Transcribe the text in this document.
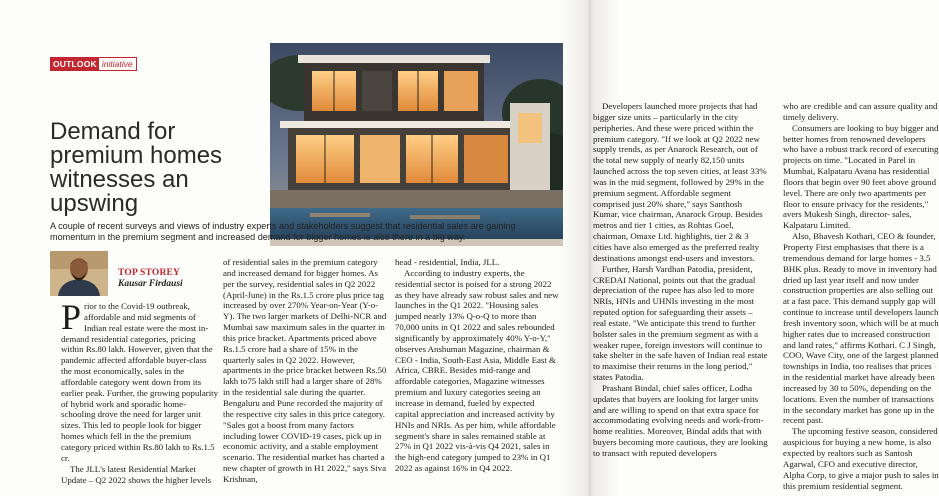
OUTLOOK initiative
Demand for premium homes witnesses an upswing

A couple of recent surveys and views of industry experts and stakeholders suggest that residential sales are gaining momentum in the premium segment and increased demand for bigger homes is also there in a big way.

TOP STOREY
Kausar Firdausi

Prior to the Covid-19 outbreak, affordable and mid segments of Indian real estate were the most in-demand residential categories, pricing within Rs.80 lakh. However, given that the pandemic affected affordable buyer-class the most economically, sales in the affordable category went down from its earlier peak. Further, the growing popularity of hybrid work and sporadic home-schooling drove the need for larger unit sizes. This led to people look for bigger homes which fell in the the premium category priced within Rs.80 lakh to Rs.1.5 cr.

The JLL's latest Residential Market Update – Q2 2022 shows the higher levels

of residential sales in the premium category and increased demand for bigger homes. As per the survey, residential sales in Q2 2022 (April-June) in the Rs.1.5 crore plus price tag increased by over 270% Year-on-Year (Y-o-Y). The two larger markets of Delhi-NCR and Mumbai saw maximum sales in the quarter in this price bracket. Apartments priced above Rs.1.5 crore had a share of 15% in the quarterly sales in Q2 2022. However, apartments in the price bracket between Rs.50 lakh to75 lakh still had a larger share of 28% in the residential sale during the quarter. Bengaluru and Pune recorded the majority of the respective city sales in this price category. "Sales got a boost from many factors including lower COVID-19 cases, pick up in economic activity, and a stable employment scenario. The residential market has charted a new chapter of growth in H1 2022," says Siva Krishnan,

head - residential, India, JLL.

According to industry experts, the residential sector is poised for a strong 2022 as they have already saw robust sales and new launches in the Q1 2022. "Housing sales jumped nearly 13% Q-o-Q to more than 70,000 units in Q1 2022 and sales rebounded significantly by approximately 40% Y-o-Y," observes Anshuman Magazine, chairman & CEO - India, South-East Asia, Middle East & Africa, CBRE. Besides mid-range and affordable categories, Magazine witnesses premium and luxury categories seeing an increase in demand, fueled by expected capital appreciation and increased activity by HNIs and NRIs. As per him, while affordable segment's share in sales remained stable at 27% in Q1 2022 vis-à-vis Q4 2021, sales in the high-end category jumped to 23% in Q1 2022 as against 16% in Q4 2022.

Developers launched more projects that had bigger size units – particularly in the city peripheries. And these were priced within the premium category. "If we look at Q2 2022 new supply trends, as per Anarock Research, out of the total new supply of nearly 82,150 units launched across the top seven cities, at least 33% was in the mid segment, followed by 29% in the premium segment. Affordable segment comprised just 20% share," says Santhosh Kumar, vice chairman, Anarock Group. Besides metros and tier 1 cities, as Rohtas Goel, chairman, Omaxe Ltd. highlights, tier 2 & 3 cities have also emerged as the preferred realty destinations amongst end-users and investors.

Further, Harsh Vardhan Patodia, president, CREDAI National, points out that the gradual depreciation of the rupee has also led to more NRIs, HNIs and UHNIs investing in the most reputed option for safeguarding their assets – real estate. "We anticipate this trend to further bolster sales in the premium segment as with a weaker rupee, foreign investors will continue to take shelter in the safe haven of Indian real estate to maximise their returns in the long period," states Patodia.

Prashant Bindal, chief sales officer, Lodha updates that buyers are looking for larger units and are willing to spend on that extra space for accommodating evolving needs and work-from-home realities. Moreover, Bindal adds that with buyers becoming more cautious, they are looking to transact with reputed developers

who are credible and can assure quality and timely delivery.

Consumers are looking to buy bigger and better homes from renowned developers who have a robust track record of executing projects on time. "Located in Parel in Mumbai, Kalpataru Avana has residential floors that begin over 90 feet above ground level. There are only two apartments per floor to ensure privacy for the residents," avers Mukesh Singh, director- sales, Kalpataru Limited.

Also, Bhavesh Kothari, CEO & founder, Property First emphasises that there is a tremendous demand for large homes - 3.5 BHK plus. Ready to move in inventory had dried up last year itself and now under construction properties are also selling out at a fast pace. This demand supply gap will continue to increase until developers launch fresh inventory soon, which will be at much higher rates due to increased construction and land rates," affirms Kothari. C J Singh, COO, Wave City, one of the largest planned townships in India, too realises that prices in the residential market have already been increased by 30 to 50%, depending on the locations. Even the number of transactions in the secondary market has gone up in the recent past.

The upcoming festive season, considered auspicious for buying a new home, is also expected by realtors such as Santosh Agarwal, CFO and executive director, Alpha Corp, to give a major push to sales in this premium residential segment.
